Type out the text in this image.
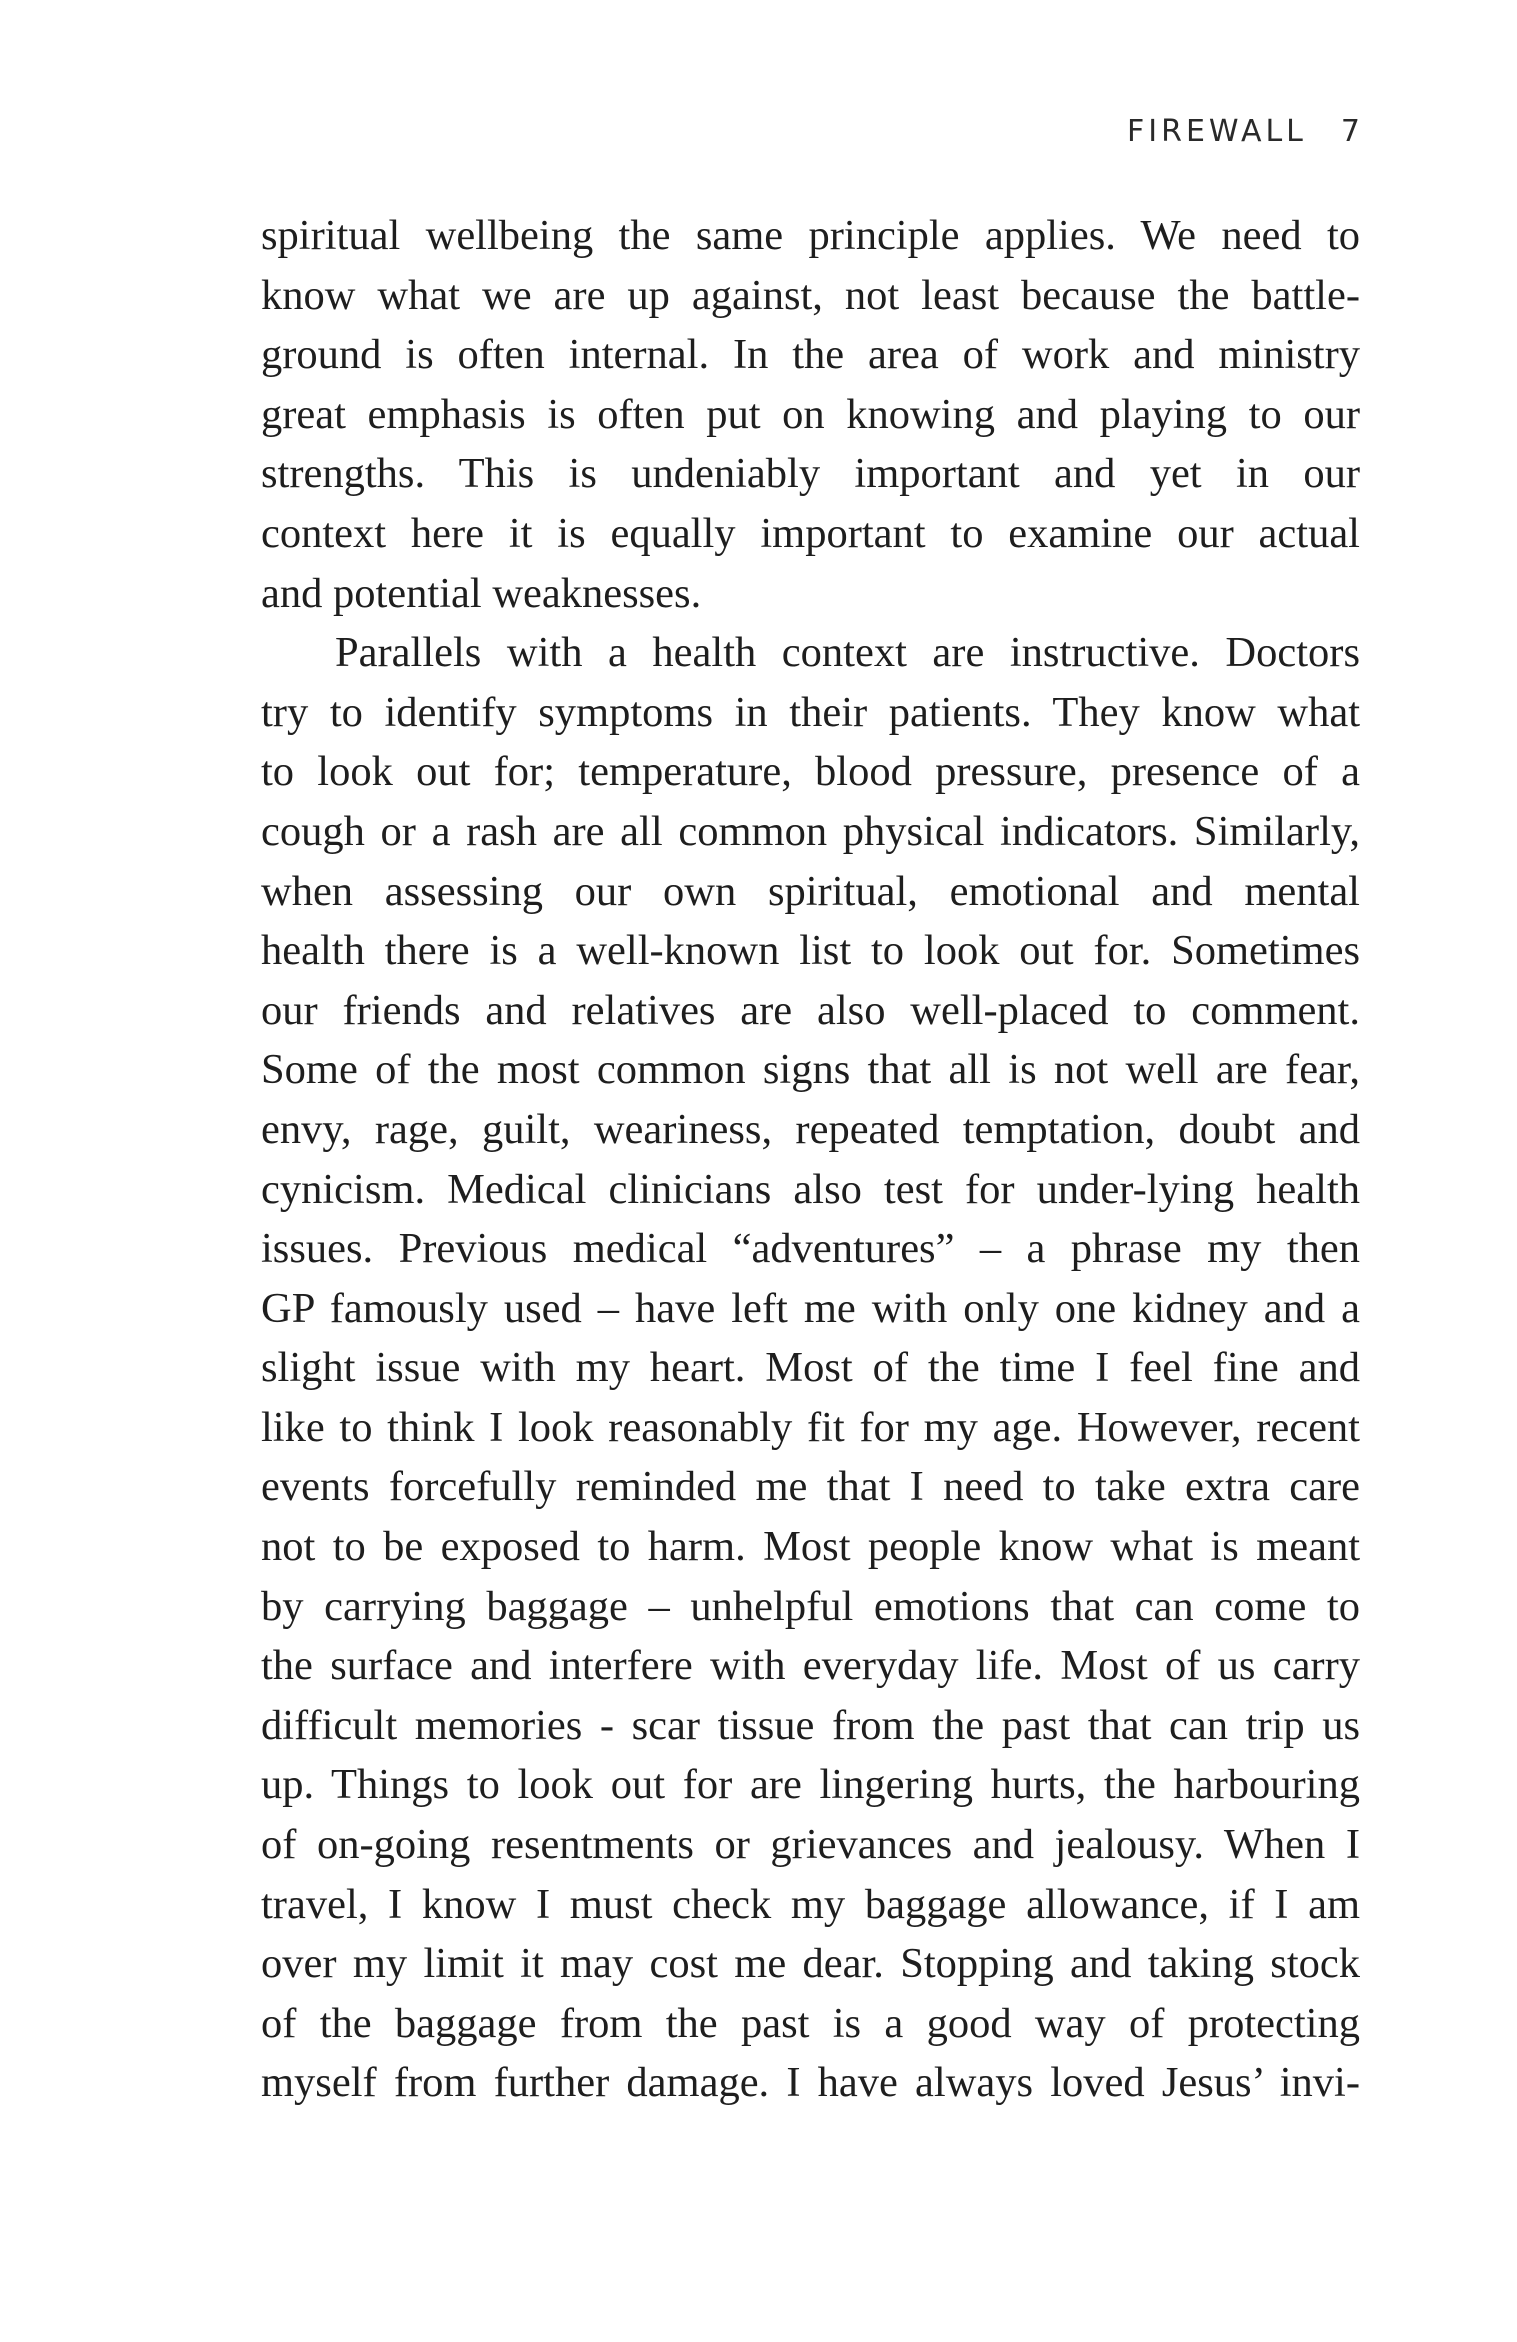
FIREWALL 7

spiritual wellbeing the same principle applies. We need to
know what we are up against, not least because the battle-
ground is often internal. In the area of work and ministry
great emphasis is often put on knowing and playing to our
strengths. This is undeniably important and yet in our
context here it is equally important to examine our actual
and potential weaknesses.

Parallels with a health context are instructive. Doctors
try to identify symptoms in their patients. They know what
to look out for; temperature, blood pressure, presence of a
cough or a rash are all common physical indicators. Similarly,
when assessing our own spiritual, emotional and mental
health there is a well-known list to look out for. Sometimes
our friends and relatives are also well-placed to comment.
Some of the most common signs that all is not well are fear,
envy, rage, guilt, weariness, repeated temptation, doubt and
cynicism. Medical clinicians also test for under-lying health
issues. Previous medical “adventures” – a phrase my then
GP famously used – have left me with only one kidney and a
slight issue with my heart. Most of the time I feel fine and
like to think I look reasonably fit for my age. However, recent
events forcefully reminded me that I need to take extra care
not to be exposed to harm. Most people know what is meant
by carrying baggage – unhelpful emotions that can come to
the surface and interfere with everyday life. Most of us carry
difficult memories - scar tissue from the past that can trip us
up. Things to look out for are lingering hurts, the harbouring
of on-going resentments or grievances and jealousy. When I
travel, I know I must check my baggage allowance, if I am
over my limit it may cost me dear. Stopping and taking stock
of the baggage from the past is a good way of protecting
myself from further damage. I have always loved Jesus’ invi-
